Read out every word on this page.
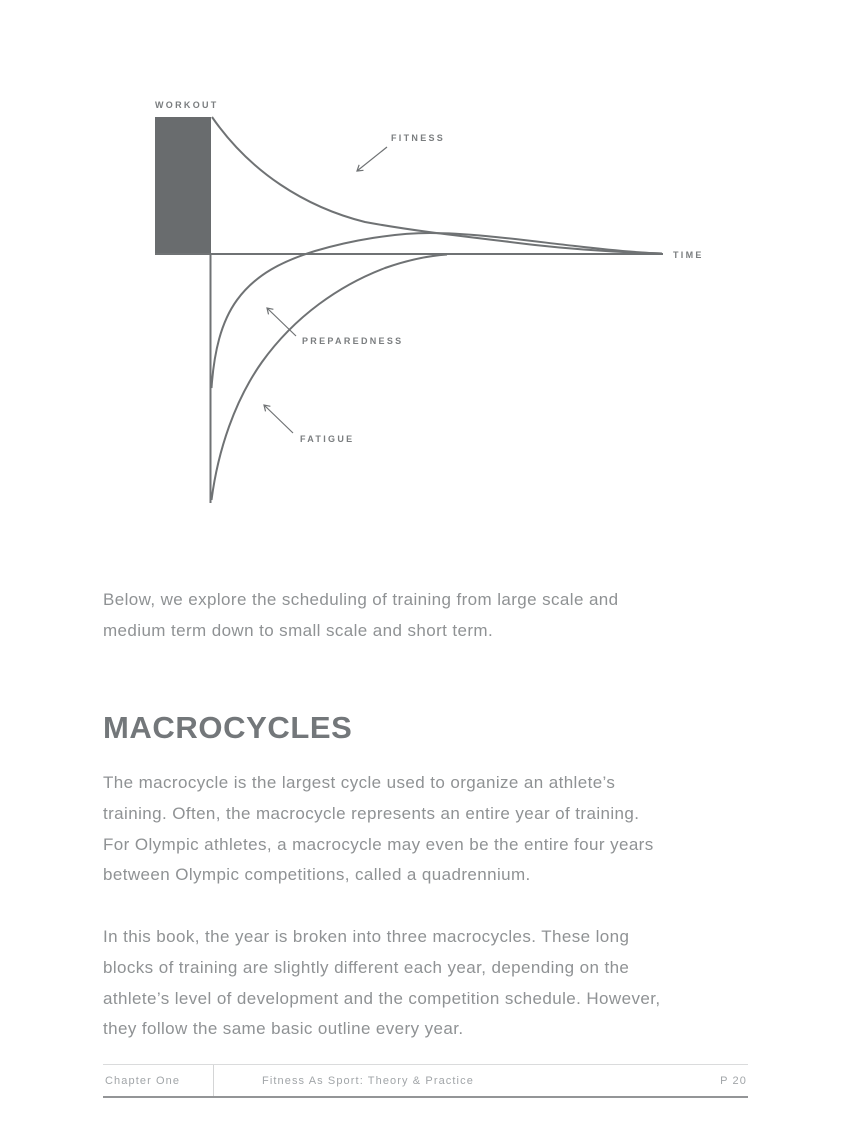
WORKOUT
FITNESS
TIME
PREPAREDNESS
FATIGUE
Below, we explore the scheduling of training from large scale and
medium term down to small scale and short term.
MACROCYCLES
The macrocycle is the largest cycle used to organize an athlete’s
training. Often, the macrocycle represents an entire year of training.
For Olympic athletes, a macrocycle may even be the entire four years
between Olympic competitions, called a quadrennium.
In this book, the year is broken into three macrocycles. These long
blocks of training are slightly different each year, depending on the
athlete’s level of development and the competition schedule. However,
they follow the same basic outline every year.
Chapter One	Fitness As Sport: Theory & Practice	P 20
